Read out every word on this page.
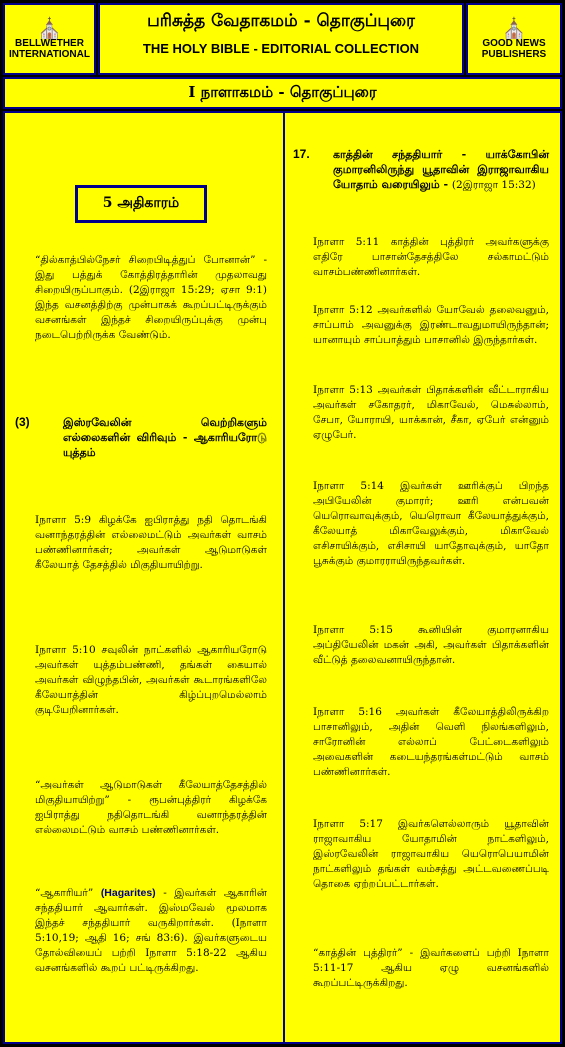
⛪
BELLWETHER INTERNATIONAL
பரிசுத்த வேதாகமம் - தொகுப்புரை
THE HOLY BIBLE - EDITORIAL COLLECTION
⛪
GOOD NEWS PUBLISHERS
I நாளாகமம் - தொகுப்புரை
5 அதிகாரம்
“தில்காத்பில்நேசர் சிறைபிடித்துப் போனான்” - இது பத்துக் கோத்திரத்தாரின் முதலாவது சிறையிருப்பாகும். (2இராஜா 15:29; ஏசா 9:1) இந்த வசனத்திற்கு முன்பாகக் கூறப்பட்டிருக்கும் வசனங்கள் இந்தச் சிறையிருப்புக்கு முன்பு நடைபெற்றிருக்க வேண்டும்.
(3)	இஸ்ரவேலின் வெற்றிகளும் எல்லைகளின் விரிவும் - ஆகாரியரோடு யுத்தம்
Iநாளா 5:9 கிழக்கே ஐபிராத்து நதி தொடங்கி வனாந்தரத்தின் எல்லைமட்டும் அவர்கள் வாசம் பண்ணினார்கள்; அவர்கள் ஆடுமாடுகள் கீலேயாத் தேசத்தில் மிகுதியாயிற்று.
Iநாளா 5:10 சவுலின் நாட்களில் ஆகாரியரோடு அவர்கள் யுத்தம்பண்ணி, தங்கள் கையால் அவர்கள் விழுந்தபின், அவர்கள் கூடாரங்களிலே கீலேயாத்தின் கிழ்ப்புறமெல்லாம் குடியேறினார்கள்.
“அவர்கள் ஆடுமாடுகள் கீலேயாத்தேசத்தில் மிகுதியாயிற்று” - ரூபன்புத்திரர் கிழக்கே ஐபிராத்து நதிதொடங்கி வனாந்தரத்தின் எல்லைமட்டும் வாசம் பண்ணினார்கள்.
“ஆகாரியர்” (Hagarites) - இவர்கள் ஆகாரின் சந்ததியார் ஆவார்கள். இஸ்மவேல் மூலமாக இந்தச் சந்ததியார் வருகிறார்கள். (Iநாளா 5:10,19; ஆதி 16; சங் 83:6). இவர்களுடைய தோல்வியைப் பற்றி Iநாளா 5:18-22 ஆகிய வசனங்களில் கூறப் பட்டிருக்கிறது.
17. காத்தின் சந்ததியார் - யாக்கோபின் குமாரனிலிருந்து யூதாவின் இராஜாவாகிய யோதாம் வரையிலும் - (2இராஜா 15:32)
Iநாளா 5:11 காத்தின் புத்திரர் அவர்களுக்கு எதிரே பாசான்தேசத்திலே சல்காமட்டும் வாசம்பண்ணினார்கள்.
Iநாளா 5:12 அவர்களில் யோவேல் தலைவனும், சாப்பாம் அவனுக்கு இரண்டாவதுமாயிருந்தான்; யானாயும் சாப்பாத்தும் பாசானில் இருந்தார்கள்.
Iநாளா 5:13 அவர்கள் பிதாக்களின் வீட்டாராகிய அவர்கள் சகோதரர், மிகாவேல், மெசுல்லாம், சேபா, யோராயி, யாக்கான், சீகா, ஏபேர் என்னும் ஏழுபேர்.
Iநாளா 5:14 இவர்கள் ஊரிக்குப் பிறந்த அபியேலின் குமாரர்; ஊரி என்பவன் யெரொவாவுக்கும், யெரொவா கீலேயாத்துக்கும், கீலேயாத் மிகாவேலுக்கும், மிகாவேல் எசிசாயிக்கும், எசிசாயி யாதோவுக்கும், யாதோ பூசுக்கும் குமாரராயிருந்தவர்கள்.
Iநாளா 5:15 கூனியின் குமாரனாகிய அப்தியேலின் மகன் அகி, அவர்கள் பிதாக்களின் வீட்டுத் தலைவனாயிருந்தான்.
Iநாளா 5:16 அவர்கள் கீலேயாத்திலிருக்கிற பாசானிலும், அதின் வெளி நிலங்களிலும், சாரோனின் எல்லாப் பேட்டைகளிலும் அவைகளின் கடையந்தரங்கள்மட்டும் வாசம் பண்ணினார்கள்.
Iநாளா 5:17 இவர்களெல்லாரும் யூதாவின் ராஜாவாகிய யோதாமின் நாட்களிலும், இஸ்ரவேலின் ராஜாவாகிய யெரொபெயாமின் நாட்களிலும் தங்கள் வம்சத்து அட்டவணைப்படி தொகை ஏற்றப்பட்டார்கள்.
“காத்தின் புத்திரர்” - இவர்களைப் பற்றி Iநாளா 5:11-17 ஆகிய ஏழு வசனங்களில் கூறப்பட்டிருக்கிறது.
